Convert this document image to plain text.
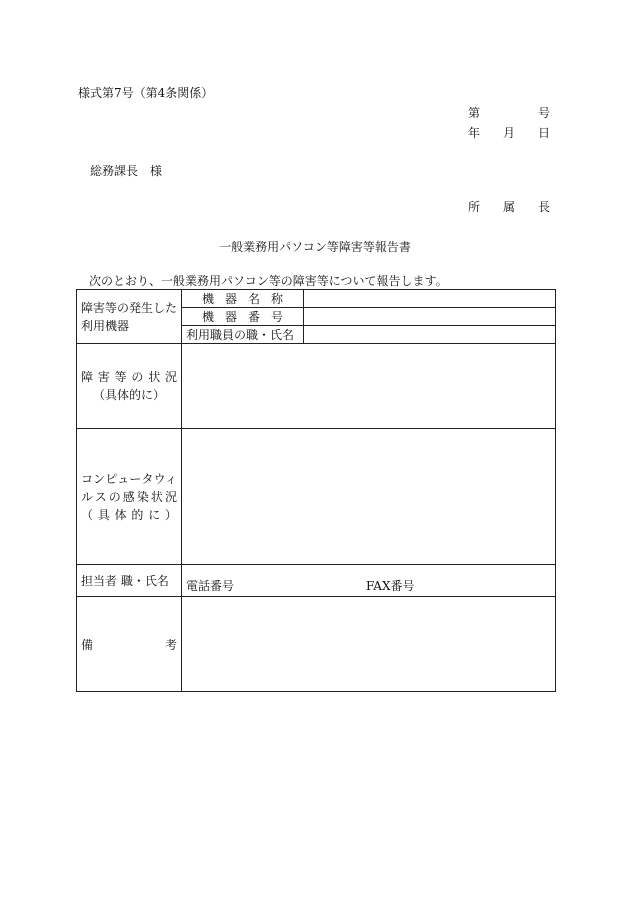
様式第7号（第4条関係）
第	号
年 月 日
総務課長　様
所 属 長
一般業務用パソコン等障害等報告書
次のとおり、一般業務用パソコン等の障害等について報告します。
障害等の発生した利用機器	機 器 名 称	

	機 器 番 号	

	利用職員の職・氏名	

障害等の状況
（具体的に）		

コンピュータウィルスの感染状況（具体的に）		
担当者 職・氏名	電話番号 FAX番号	

備 考		
